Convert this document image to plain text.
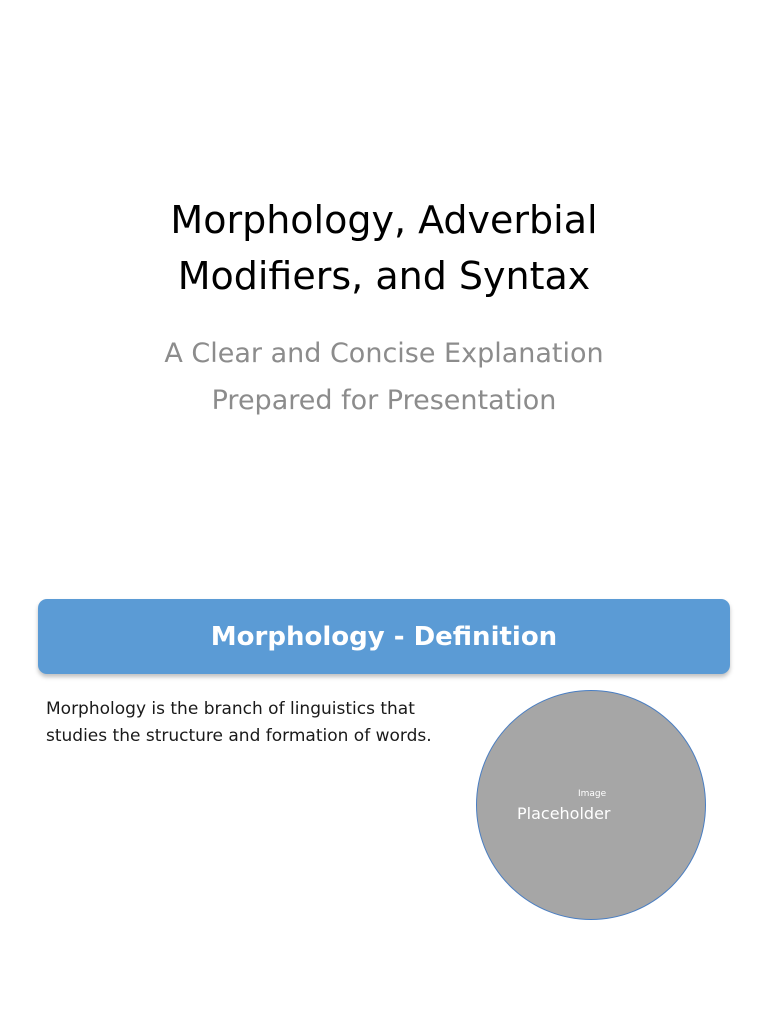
Morphology, Adverbial
Modifiers, and Syntax
A Clear and Concise Explanation
Prepared for Presentation
Morphology - Definition
Morphology is the branch of linguistics that
studies the structure and formation of words.
Image
Placeholder
